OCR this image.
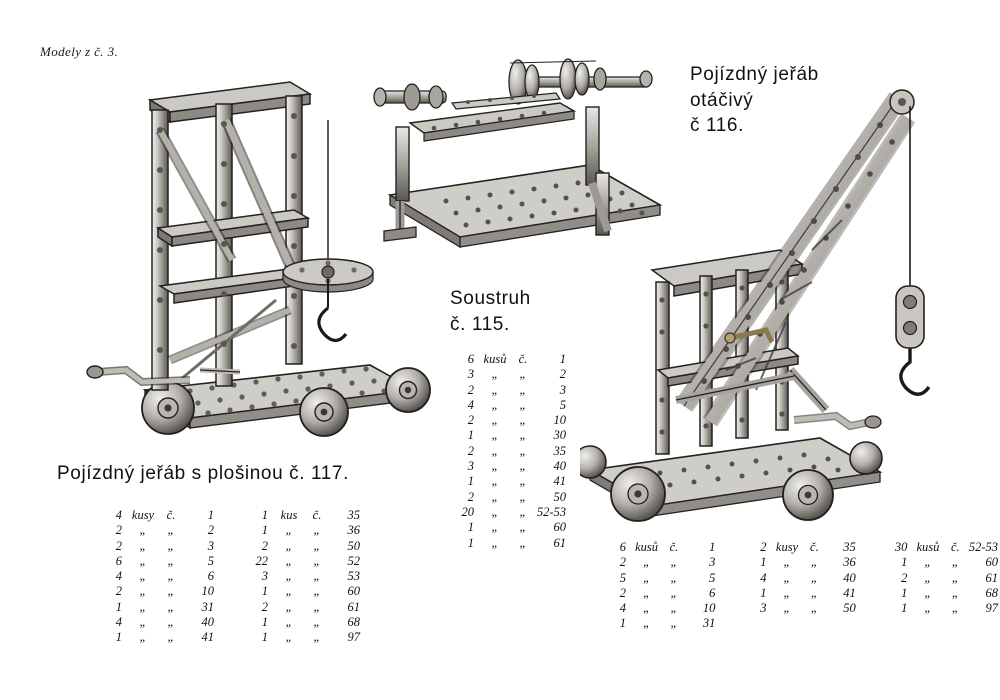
Modely z č. 3.
Pojízdný jeřáb
otáčivý
č 116.
Soustruh
č. 115.
Pojízdný jeřáb s plošinou č. 117.
6	kusů	č.	1
3	„	„	2
2	„	„	3
4	„	„	5
2	„	„	10
1	„	„	30
2	„	„	35
3	„	„	40
1	„	„	41
2	„	„	50
20	„	„	52-53
1	„	„	60
1	„	„	61
4	kusy	č.	1		1	kus	č.	35
2	„	„	2		1	„	„	36
2	„	„	3		2	„	„	50
6	„	„	5		22	„	„	52
4	„	„	6		3	„	„	53
2	„	„	10		1	„	„	60
1	„	„	31		2	„	„	61
4	„	„	40		1	„	„	68
1	„	„	41		1	„	„	97
6	kusů	č.	1		2	kusy	č.	35		30	kusů	č.	52-53
2	„	„	3		1	„	„	36		1	„	„	60
5	„	„	5		4	„	„	40		2	„	„	61
2	„	„	6		1	„	„	41		1	„	„	68
4	„	„	10		3	„	„	50		1	„	„	97
1	„	„	31										
